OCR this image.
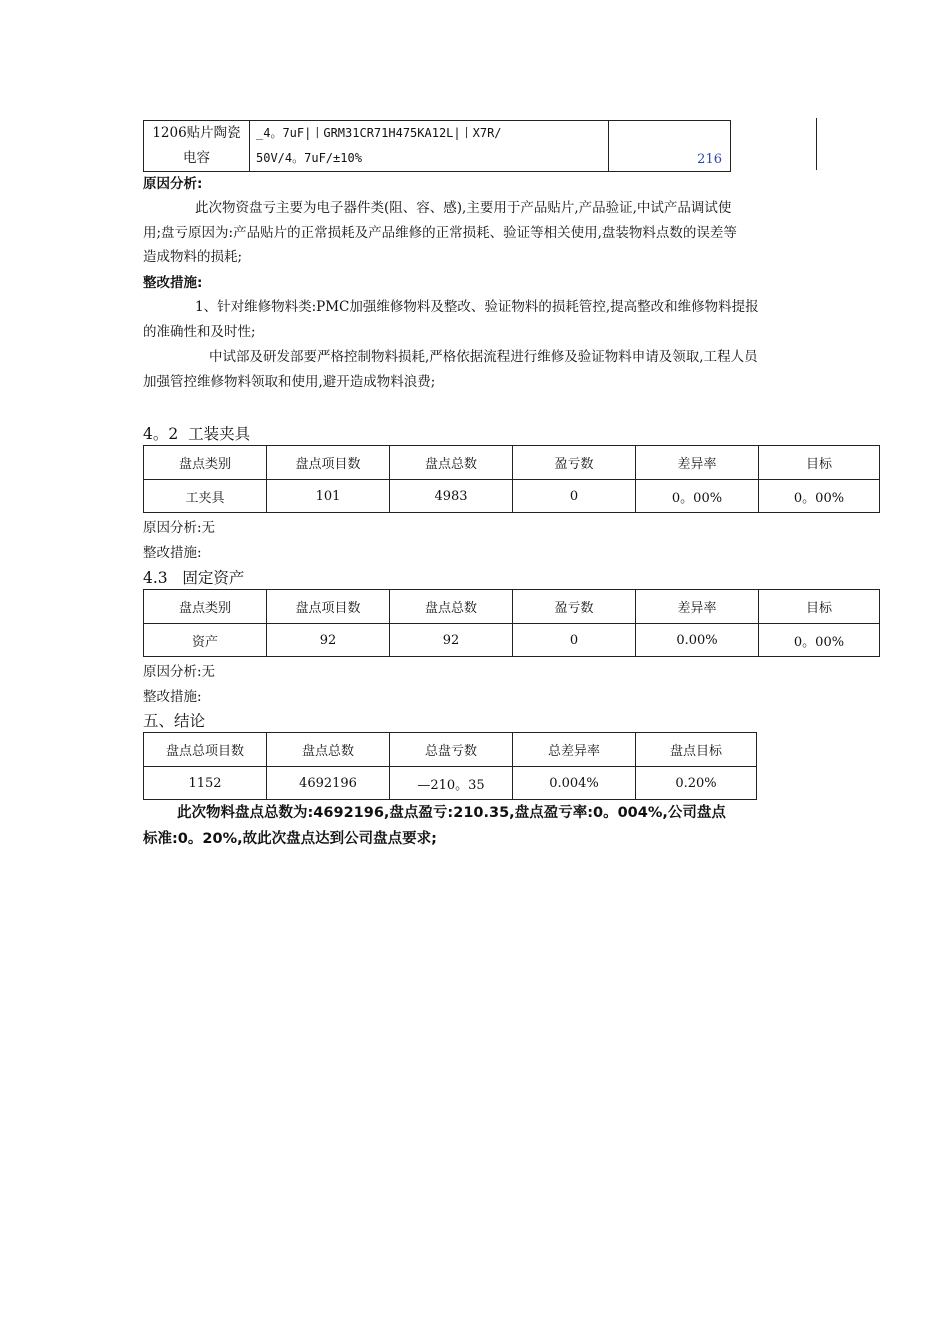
1206贴片陶瓷
电容

_4。7uF|丨GRM31CR71H475KA12L|丨X7R/
50V/4。7uF/±10%	216
原因分析:
此次物资盘亏主要为电子器件类(阻、容、感),主要用于产品贴片,产品验证,中试产品调试使
用;盘亏原因为:产品贴片的正常损耗及产品维修的正常损耗、验证等相关使用,盘装物料点数的误差等
造成物料的损耗;
整改措施:
1、针对维修物料类:PMC加强维修物料及整改、验证物料的损耗管控,提高整改和维修物料提报
的准确性和及时性;
中试部及研发部要严格控制物料损耗,严格依据流程进行维修及验证物料申请及领取,工程人员
加强管控维修物料领取和使用,避开造成物料浪费;
4。2  工装夹具
盘点类别	盘点项目数	盘点总数	盈亏数	差异率	目标
工夹具	101	4983	0	0。00%	0。00%
原因分析:无
整改措施:
4.3   固定资产
盘点类别	盘点项目数	盘点总数	盈亏数	差异率	目标
资产	92	92	0	0.00%	0。00%
原因分析:无
整改措施:
五、结论
盘点总项目数	盘点总数	总盘亏数	总差异率	盘点目标
1152	4692196	—210。35	0.004%	0.20%
此次物料盘点总数为:4692196,盘点盈亏:210.35,盘点盈亏率:0。004%,公司盘点
标准:0。20%,故此次盘点达到公司盘点要求;
